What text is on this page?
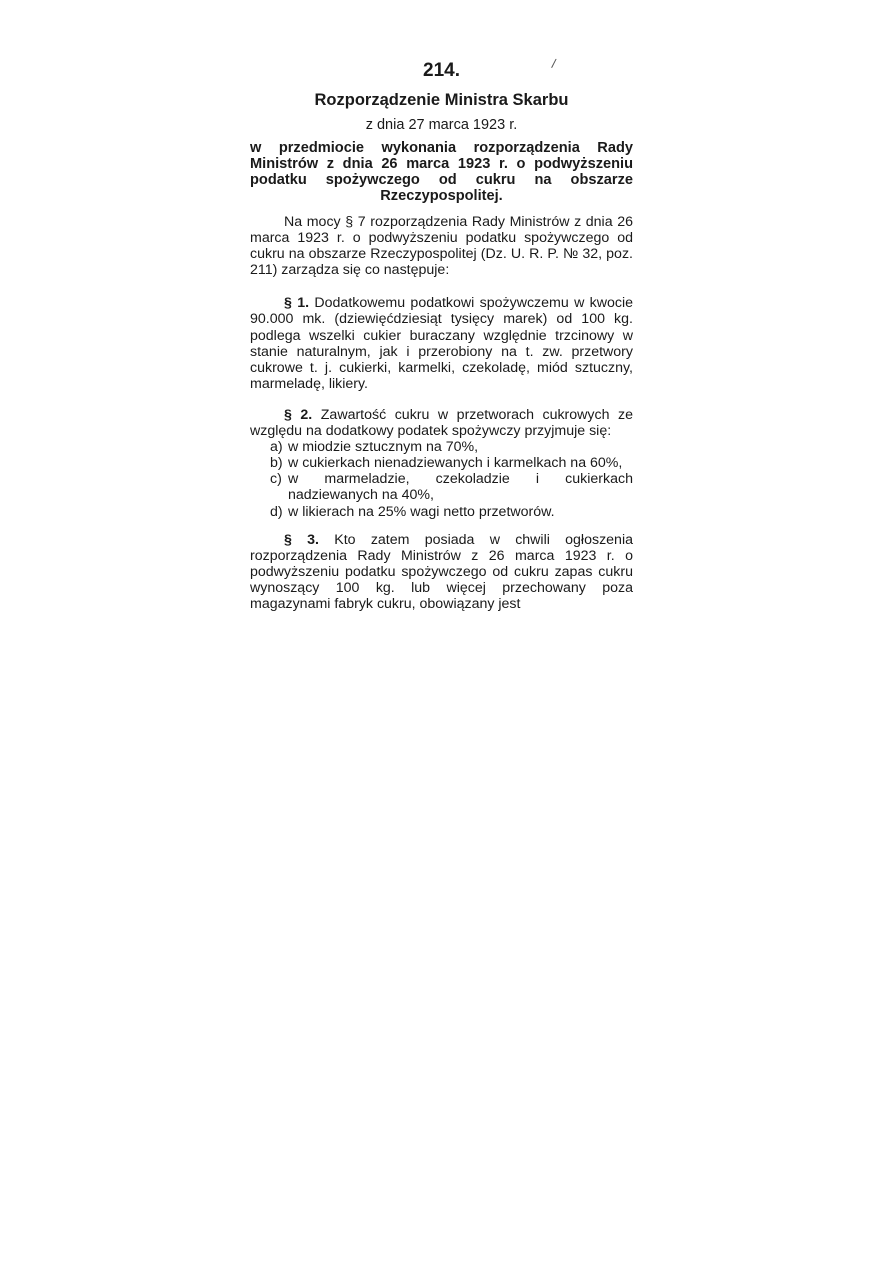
/
214.
Rozporządzenie Ministra Skarbu
z dnia 27 marca 1923 r.
w przedmiocie wykonania rozporządzenia Rady Ministrów z dnia 26 marca 1923 r. o podwyższeniu podatku spożywczego od cukru na obszarze Rzeczypospolitej.
Na mocy § 7 rozporządzenia Rady Ministrów z dnia 26 marca 1923 r. o podwyższeniu podatku spożywczego od cukru na obszarze Rzeczypospolitej (Dz. U. R. P. № 32, poz. 211) zarządza się co następuje:
§ 1. Dodatkowemu podatkowi spożywczemu w kwocie 90.000 mk. (dziewięćdziesiąt tysięcy marek) od 100 kg. podlega wszelki cukier buraczany względnie trzcinowy w stanie naturalnym, jak i przerobiony na t. zw. przetwory cukrowe t. j. cukierki, karmelki, czekoladę, miód sztuczny, marmeladę, likiery.
§ 2. Zawartość cukru w przetworach cukrowych ze względu na dodatkowy podatek spożywczy przyjmuje się:
a) w miodzie sztucznym na 70%,
b) w cukierkach nienadziewanych i karmelkach na 60%,
c) w marmeladzie, czekoladzie i cukierkach nadziewanych na 40%,
d) w likierach na 25% wagi netto przetworów.
§ 3. Kto zatem posiada w chwili ogłoszenia rozporządzenia Rady Ministrów z 26 marca 1923 r. o podwyższeniu podatku spożywczego od cukru zapas cukru wynoszący 100 kg. lub więcej przechowany poza magazynami fabryk cukru, obowiązany jest
